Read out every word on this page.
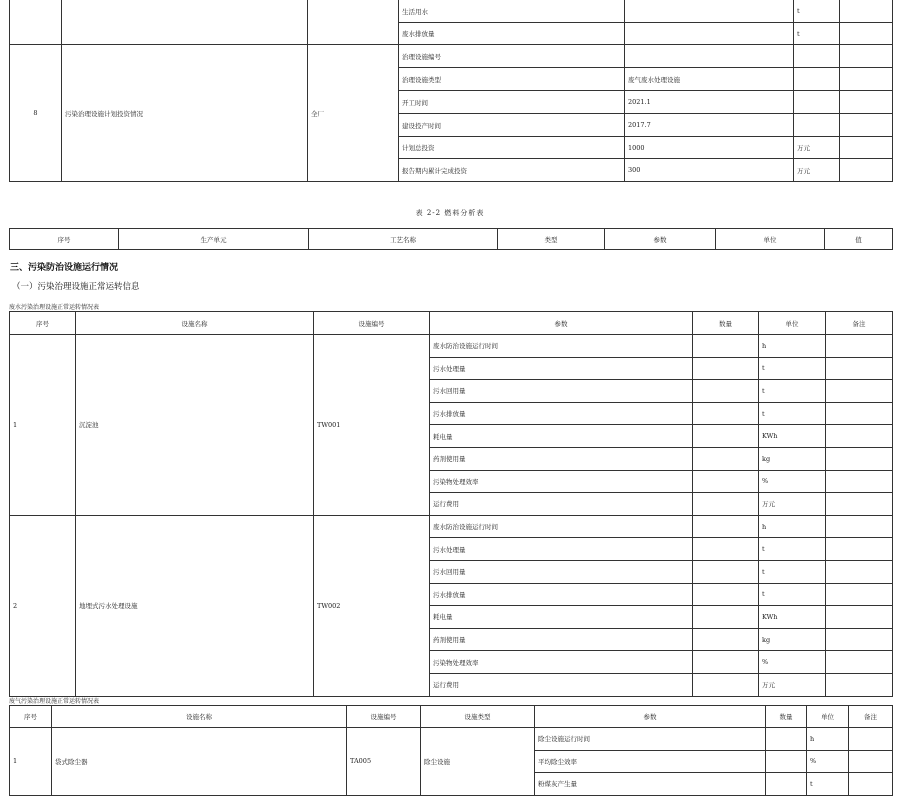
			生活用水		t	
			废水排放量		t	
8	污染治理设施计划投资情况	全厂	治理设施编号			
			治理设施类型	废气废水处理设施		
			开工时间	2021.1		
			建设投产时间	2017.7		
			计划总投资	1000	万元	
			报告期内累计完成投资	300	万元	
表 2-2 燃料分析表
序号	生产单元	工艺名称	类型	参数	单位	值
三、污染防治设施运行情况
（一）污染治理设施正常运转信息
废水污染治理设施正常运转情况表
序号	设施名称	设施编号	参数	数量	单位	备注
1	沉淀池	TW001	废水防治设施运行时间		h	
			污水处理量		t	
			污水回用量		t	
			污水排放量		t	
			耗电量		KWh	
			药剂使用量		kg	
			污染物处理效率		%	
			运行费用		万元	
2	地埋式污水处理设施	TW002	废水防治设施运行时间		h	
			污水处理量		t	
			污水回用量		t	
			污水排放量		t	
			耗电量		KWh	
			药剂使用量		kg	
			污染物处理效率		%	
			运行费用		万元	
废气污染治理设施正常运转情况表
序号	设施名称	设施编号	设施类型	参数	数量	单位	备注
1	袋式除尘器	TA005	除尘设施	除尘设施运行时间		h	
				平均除尘效率		%	
				粉煤灰产生量		t	
